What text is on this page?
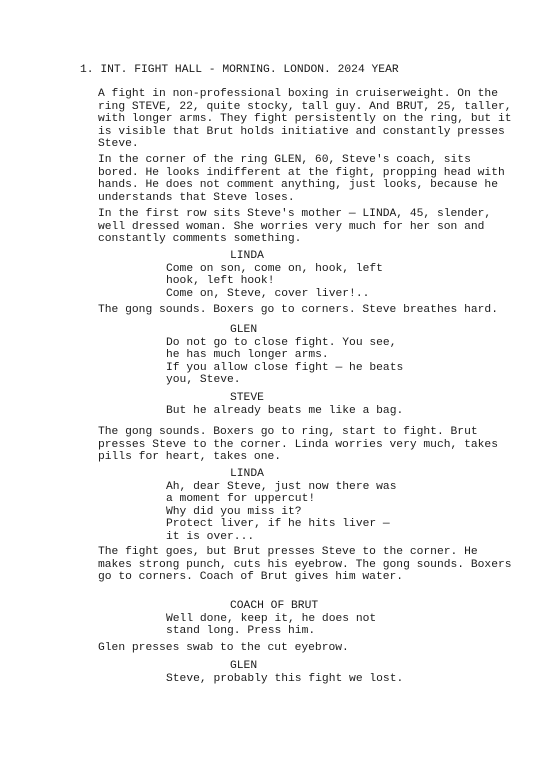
1. INT. FIGHT HALL - MORNING. LONDON. 2024 YEAR
A fight in non-professional boxing in cruiserweight. On the
ring STEVE, 22, quite stocky, tall guy. And BRUT, 25, taller,
with longer arms. They fight persistently on the ring, but it
is visible that Brut holds initiative and constantly presses
Steve.
In the corner of the ring GLEN, 60, Steve's coach, sits
bored. He looks indifferent at the fight, propping head with
hands. He does not comment anything, just looks, because he
understands that Steve loses.
In the first row sits Steve's mother — LINDA, 45, slender,
well dressed woman. She worries very much for her son and
constantly comments something.
LINDA
Come on son, come on, hook, left
hook, left hook!
Come on, Steve, cover liver!..
The gong sounds. Boxers go to corners. Steve breathes hard.
GLEN
Do not go to close fight. You see,
he has much longer arms.
If you allow close fight — he beats
you, Steve.
STEVE
But he already beats me like a bag.
The gong sounds. Boxers go to ring, start to fight. Brut
presses Steve to the corner. Linda worries very much, takes
pills for heart, takes one.
LINDA
Ah, dear Steve, just now there was
a moment for uppercut!
Why did you miss it?
Protect liver, if he hits liver —
it is over...
The fight goes, but Brut presses Steve to the corner. He
makes strong punch, cuts his eyebrow. The gong sounds. Boxers
go to corners. Coach of Brut gives him water.
COACH OF BRUT
Well done, keep it, he does not
stand long. Press him.
Glen presses swab to the cut eyebrow.
GLEN
Steve, probably this fight we lost.
